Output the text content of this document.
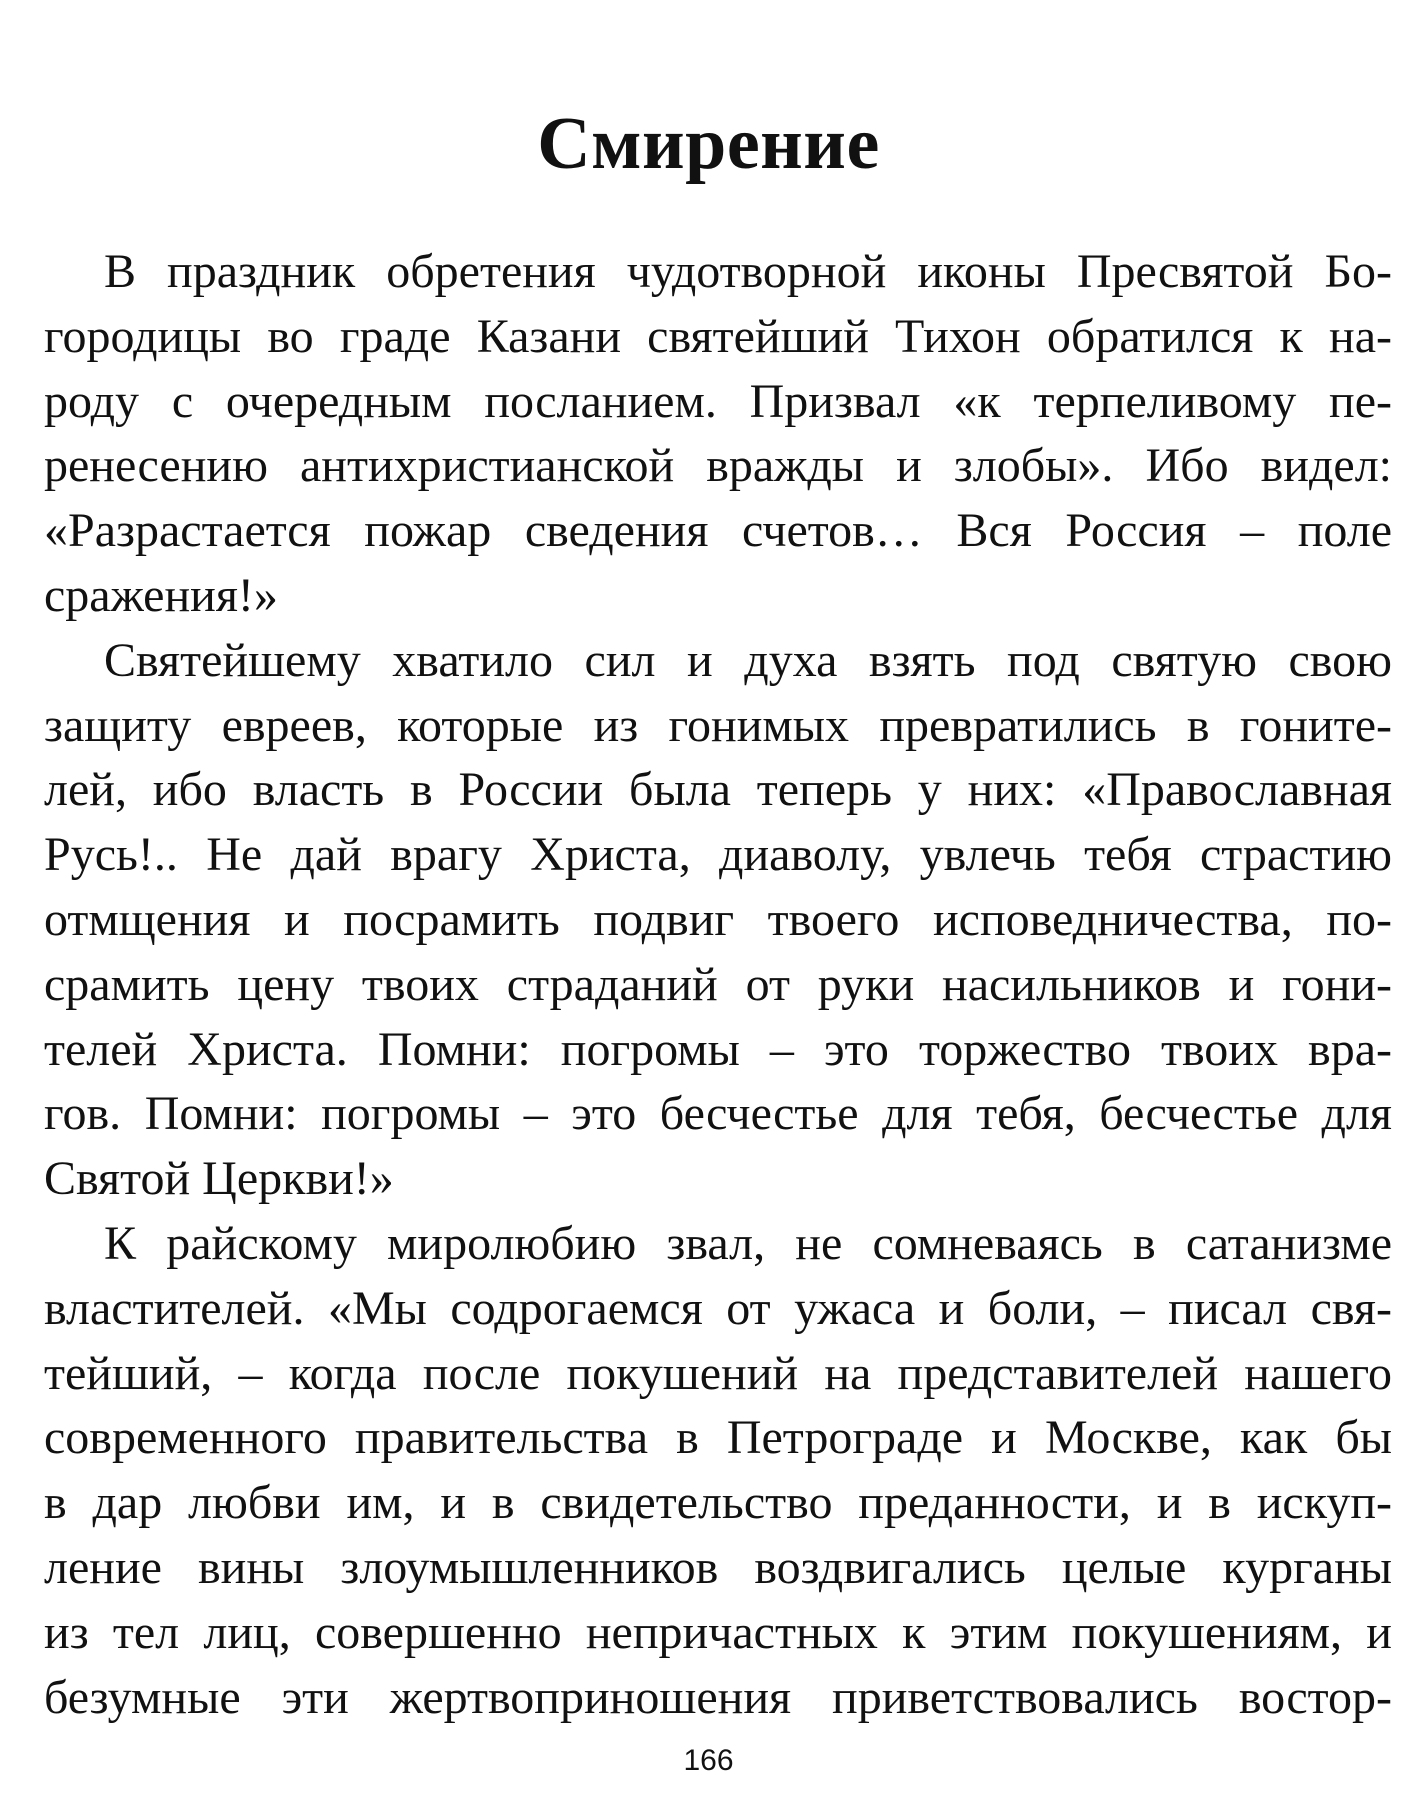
Смирение

В праздник обретения чудотворной иконы Пресвятой Бо-
городицы во граде Казани святейший Тихон обратился к на-
роду с очередным посланием. Призвал «к терпеливому пе-
ренесению антихристианской вражды и злобы». Ибо видел:
«Разрастается пожар сведения счетов… Вся Россия – поле
сражения!»

Святейшему хватило сил и духа взять под святую свою
защиту евреев, которые из гонимых превратились в гоните-
лей, ибо власть в России была теперь у них: «Православная
Русь!.. Не дай врагу Христа, диаволу, увлечь тебя страстию
отмщения и посрамить подвиг твоего исповедничества, по-
срамить цену твоих страданий от руки насильников и гони-
телей Христа. Помни: погромы – это торжество твоих вра-
гов. Помни: погромы – это бесчестье для тебя, бесчестье для
Святой Церкви!»

К райскому миролюбию звал, не сомневаясь в сатанизме
властителей. «Мы содрогаемся от ужаса и боли, – писал свя-
тейший, – когда после покушений на представителей нашего
современного правительства в Петрограде и Москве, как бы
в дар любви им, и в свидетельство преданности, и в искуп-
ление вины злоумышленников воздвигались целые курганы
из тел лиц, совершенно непричастных к этим покушениям, и
безумные эти жертвоприношения приветствовались востор-

166
